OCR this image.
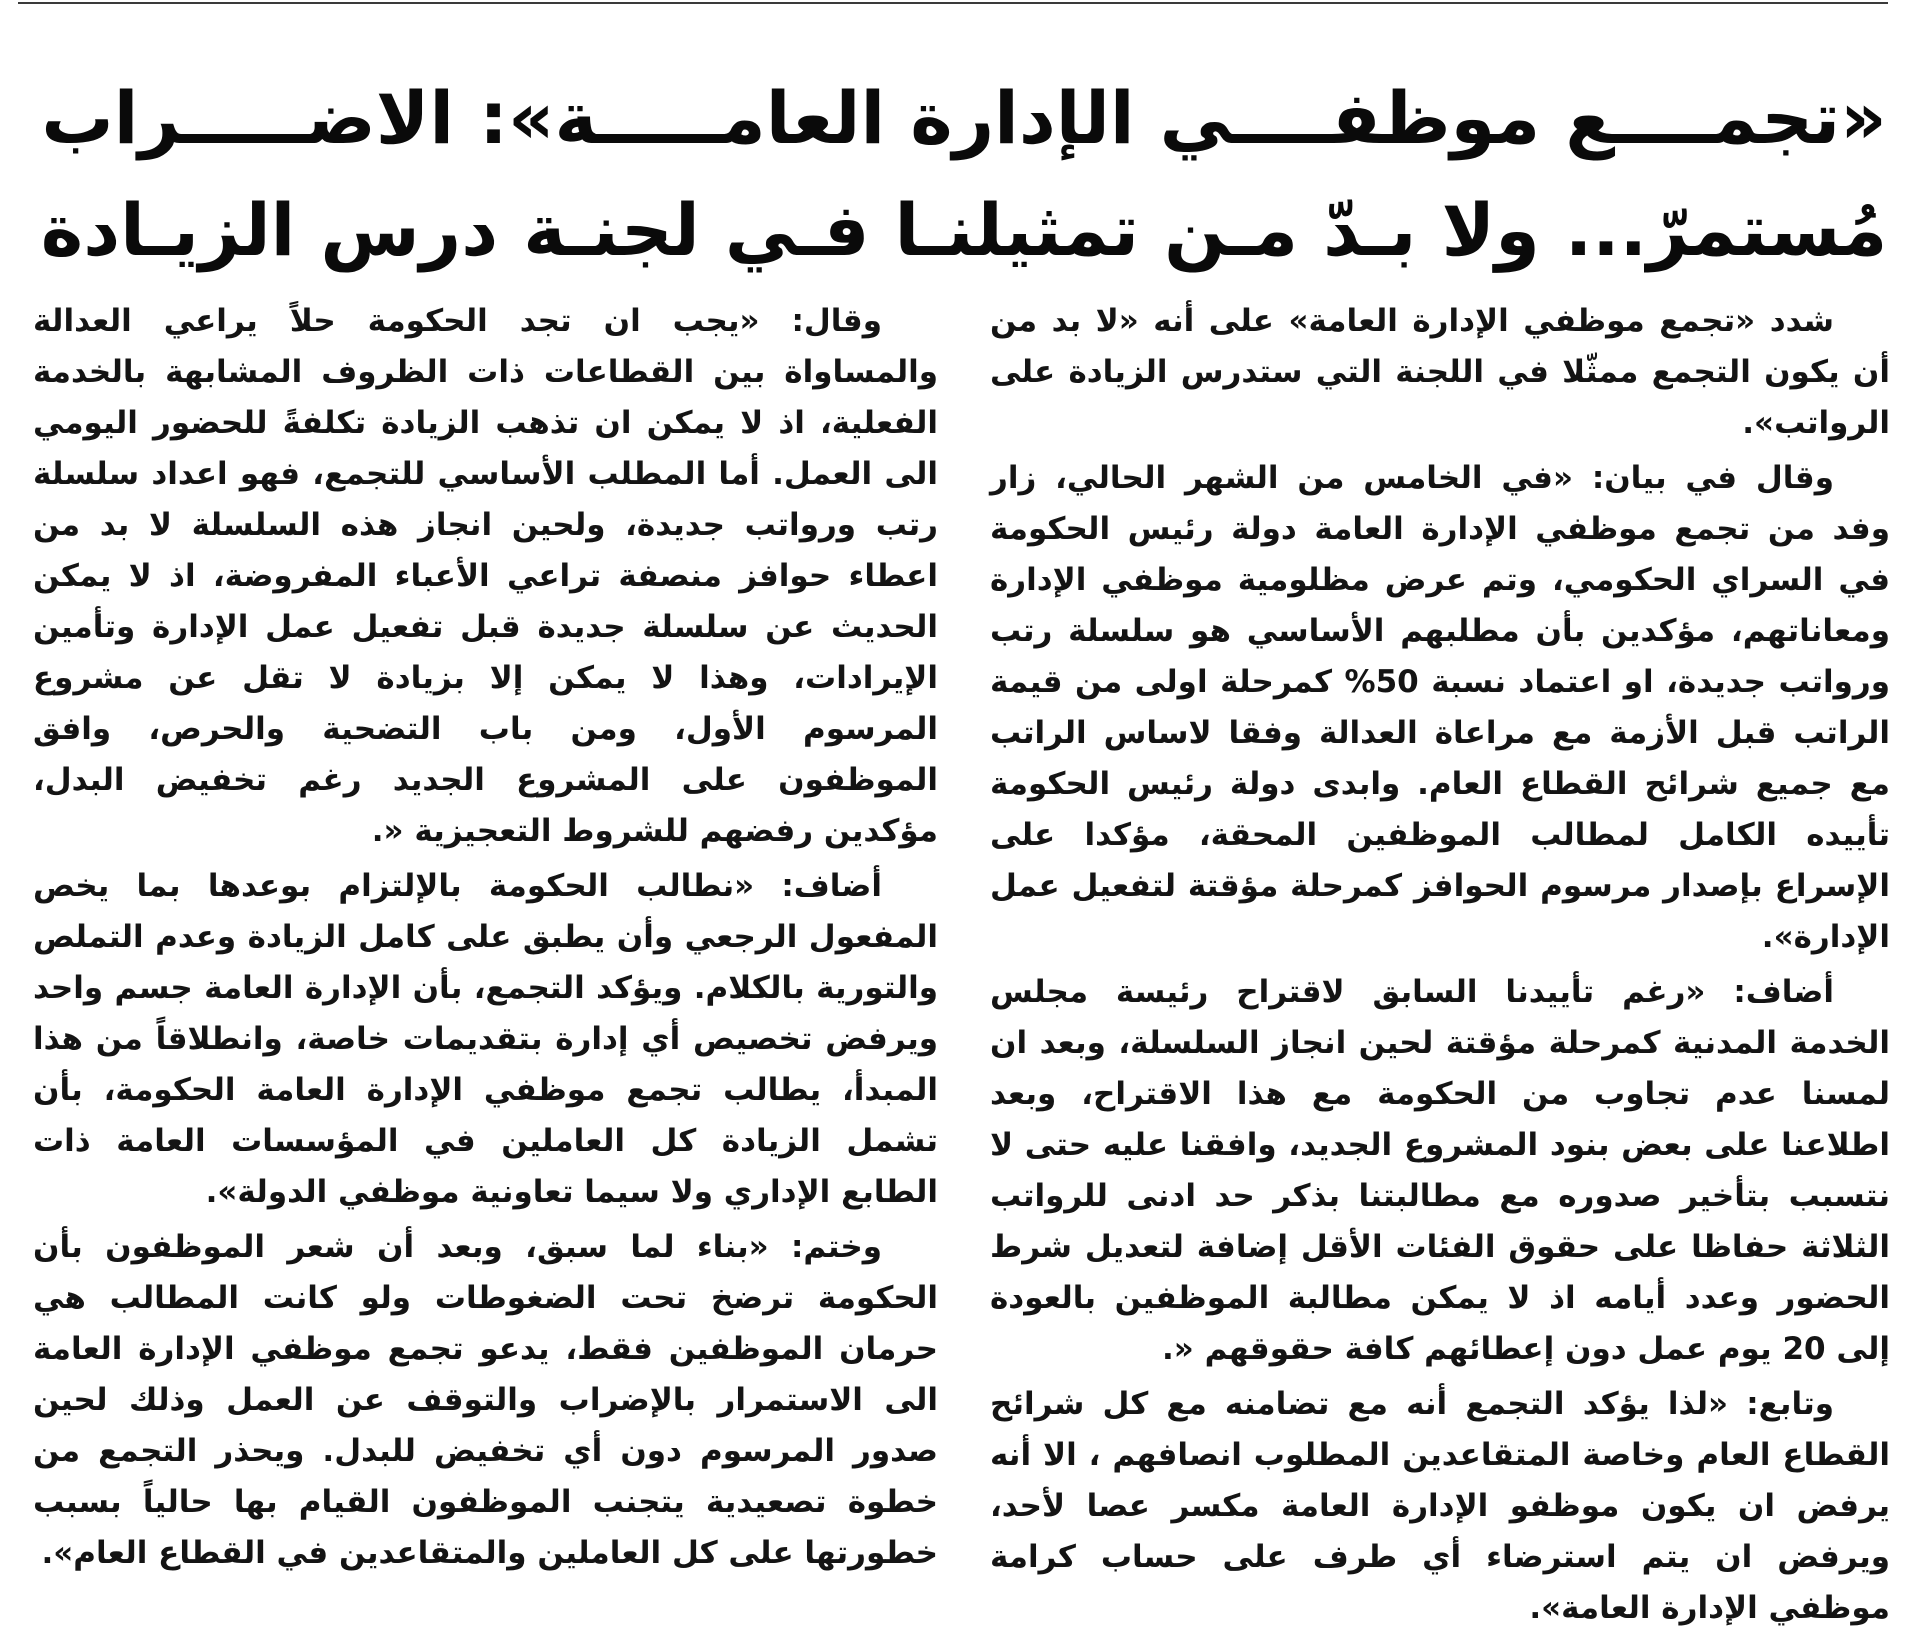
«تجمــــع موظفــــي الإدارة العامـــــة»: الاضـــــراب
مُستمرّ... ولا بـدّ مـن تمثيلنـا فـي لجنـة درس الزيـادة

شدد «تجمع موظفي الإدارة العامة» على أنه «لا بد من أن يكون التجمع ممثّلا في اللجنة التي ستدرس الزيادة على الرواتب».

وقال في بيان: «في الخامس من الشهر الحالي، زار وفد من تجمع موظفي الإدارة العامة دولة رئيس الحكومة في السراي الحكومي، وتم عرض مظلومية موظفي الإدارة ومعاناتهم، مؤكدين بأن مطلبهم الأساسي هو سلسلة رتب ورواتب جديدة، او اعتماد نسبة 50% كمرحلة اولى من قيمة الراتب قبل الأزمة مع مراعاة العدالة وفقا لاساس الراتب مع جميع شرائح القطاع العام. وابدى دولة رئيس الحكومة تأييده الكامل لمطالب الموظفين المحقة، مؤكدا على الإسراع بإصدار مرسوم الحوافز كمرحلة مؤقتة لتفعيل عمل الإدارة».

أضاف: «رغم تأييدنا السابق لاقتراح رئيسة مجلس الخدمة المدنية كمرحلة مؤقتة لحين انجاز السلسلة، وبعد ان لمسنا عدم تجاوب من الحكومة مع هذا الاقتراح، وبعد اطلاعنا على بعض بنود المشروع الجديد، وافقنا عليه حتى لا نتسبب بتأخير صدوره مع مطالبتنا بذكر حد ادنى للرواتب الثلاثة حفاظا على حقوق الفئات الأقل إضافة لتعديل شرط الحضور وعدد أيامه اذ لا يمكن مطالبة الموظفين بالعودة إلى 20 يوم عمل دون إعطائهم كافة حقوقهم «.

وتابع: «لذا يؤكد التجمع أنه مع تضامنه مع كل شرائح القطاع العام وخاصة المتقاعدين المطلوب انصافهم ، الا أنه يرفض ان يكون موظفو الإدارة العامة مكسر عصا لأحد، ويرفض ان يتم استرضاء أي طرف على حساب كرامة موظفي الإدارة العامة».

وقال: «يجب ان تجد الحكومة حلاً يراعي العدالة والمساواة بين القطاعات ذات الظروف المشابهة بالخدمة الفعلية، اذ لا يمكن ان تذهب الزيادة تكلفةً للحضور اليومي الى العمل. أما المطلب الأساسي للتجمع، فهو اعداد سلسلة رتب ورواتب جديدة، ولحين انجاز هذه السلسلة لا بد من اعطاء حوافز منصفة تراعي الأعباء المفروضة، اذ لا يمكن الحديث عن سلسلة جديدة قبل تفعيل عمل الإدارة وتأمين الإيرادات، وهذا لا يمكن إلا بزيادة لا تقل عن مشروع المرسوم الأول، ومن باب التضحية والحرص، وافق الموظفون على المشروع الجديد رغم تخفيض البدل، مؤكدين رفضهم للشروط التعجيزية «.

أضاف: «نطالب الحكومة بالإلتزام بوعدها بما يخص المفعول الرجعي وأن يطبق على كامل الزيادة وعدم التملص والتورية بالكلام. ويؤكد التجمع، بأن الإدارة العامة جسم واحد ويرفض تخصيص أي إدارة بتقديمات خاصة، وانطلاقاً من هذا المبدأ، يطالب تجمع موظفي الإدارة العامة الحكومة، بأن تشمل الزيادة كل العاملين في المؤسسات العامة ذات الطابع الإداري ولا سيما تعاونية موظفي الدولة».

وختم: «بناء لما سبق، وبعد أن شعر الموظفون بأن الحكومة ترضخ تحت الضغوطات ولو كانت المطالب هي حرمان الموظفين فقط، يدعو تجمع موظفي الإدارة العامة الى الاستمرار بالإضراب والتوقف عن العمل وذلك لحين صدور المرسوم دون أي تخفيض للبدل. ويحذر التجمع من خطوة تصعيدية يتجنب الموظفون القيام بها حالياً بسبب خطورتها على كل العاملين والمتقاعدين في القطاع العام».
